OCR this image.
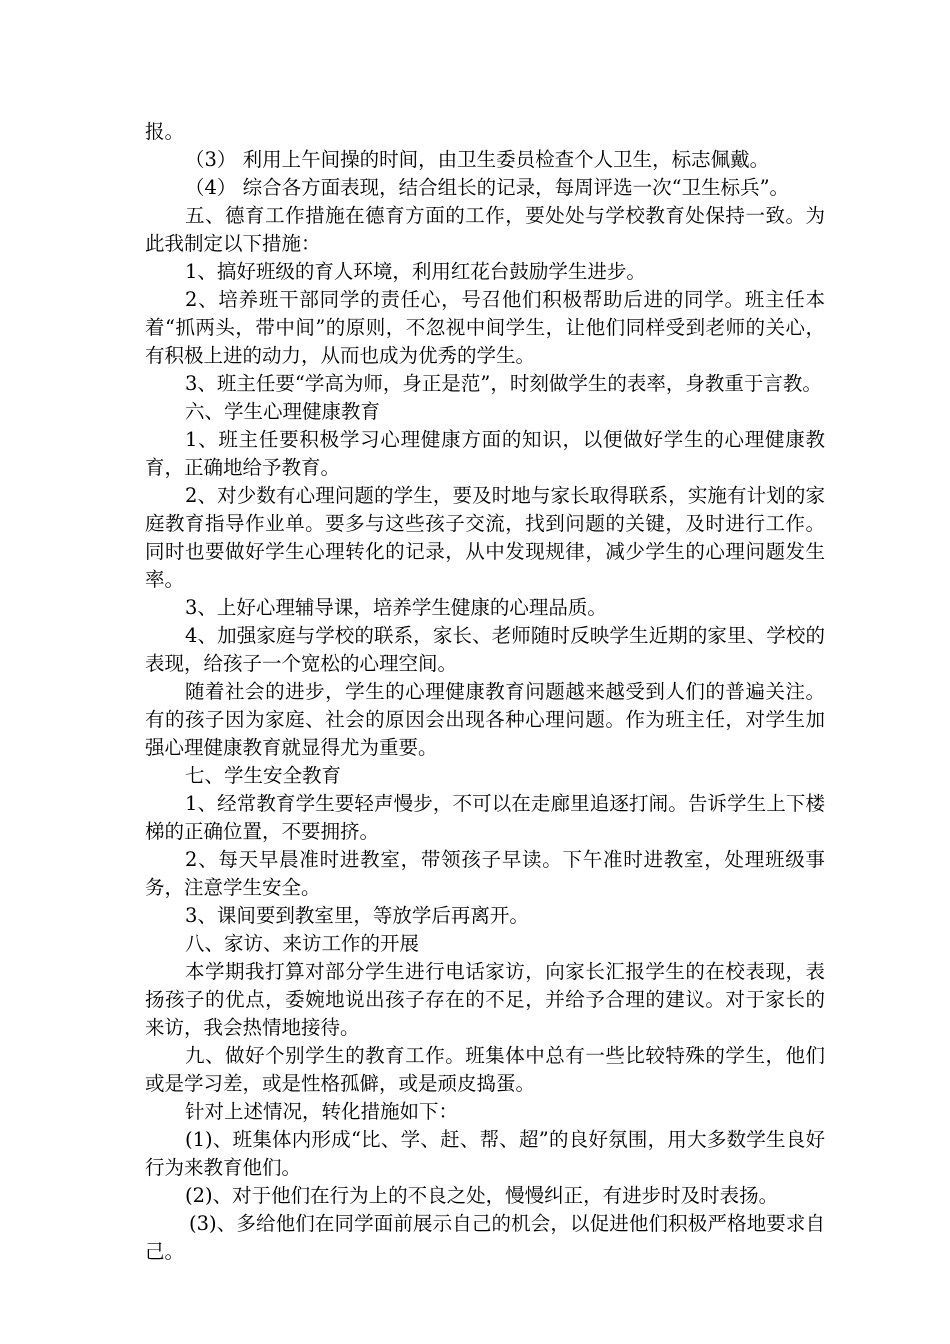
报。

（3） 利用上午间操的时间，由卫生委员检查个人卫生，标志佩戴。

（4） 综合各方面表现，结合组长的记录，每周评选一次“卫生标兵”。

五、德育工作措施在德育方面的工作，要处处与学校教育处保持一致。为此我制定以下措施：

1、搞好班级的育人环境，利用红花台鼓励学生进步。

2、培养班干部同学的责任心，号召他们积极帮助后进的同学。班主任本着“抓两头，带中间”的原则，不忽视中间学生，让他们同样受到老师的关心，有积极上进的动力，从而也成为优秀的学生。

3、班主任要“学高为师，身正是范”，时刻做学生的表率，身教重于言教。

六、学生心理健康教育

1、班主任要积极学习心理健康方面的知识，以便做好学生的心理健康教育，正确地给予教育。

2、对少数有心理问题的学生，要及时地与家长取得联系，实施有计划的家庭教育指导作业单。要多与这些孩子交流，找到问题的关键，及时进行工作。同时也要做好学生心理转化的记录，从中发现规律，减少学生的心理问题发生率。

3、上好心理辅导课，培养学生健康的心理品质。

4、加强家庭与学校的联系，家长、老师随时反映学生近期的家里、学校的表现，给孩子一个宽松的心理空间。

随着社会的进步，学生的心理健康教育问题越来越受到人们的普遍关注。有的孩子因为家庭、社会的原因会出现各种心理问题。作为班主任，对学生加强心理健康教育就显得尤为重要。

七、学生安全教育

1、经常教育学生要轻声慢步，不可以在走廊里追逐打闹。告诉学生上下楼梯的正确位置，不要拥挤。

2、每天早晨准时进教室，带领孩子早读。下午准时进教室，处理班级事务，注意学生安全。

3、课间要到教室里，等放学后再离开。

八、家访、来访工作的开展

本学期我打算对部分学生进行电话家访，向家长汇报学生的在校表现，表扬孩子的优点，委婉地说出孩子存在的不足，并给予合理的建议。对于家长的来访，我会热情地接待。

九、做好个别学生的教育工作。班集体中总有一些比较特殊的学生，他们或是学习差，或是性格孤僻，或是顽皮捣蛋。

针对上述情况，转化措施如下：

(1)、班集体内形成“比、学、赶、帮、超”的良好氛围，用大多数学生良好行为来教育他们。

(2)、对于他们在行为上的不良之处，慢慢纠正，有进步时及时表扬。

(3)、多给他们在同学面前展示自己的机会，以促进他们积极严格地要求自己。
